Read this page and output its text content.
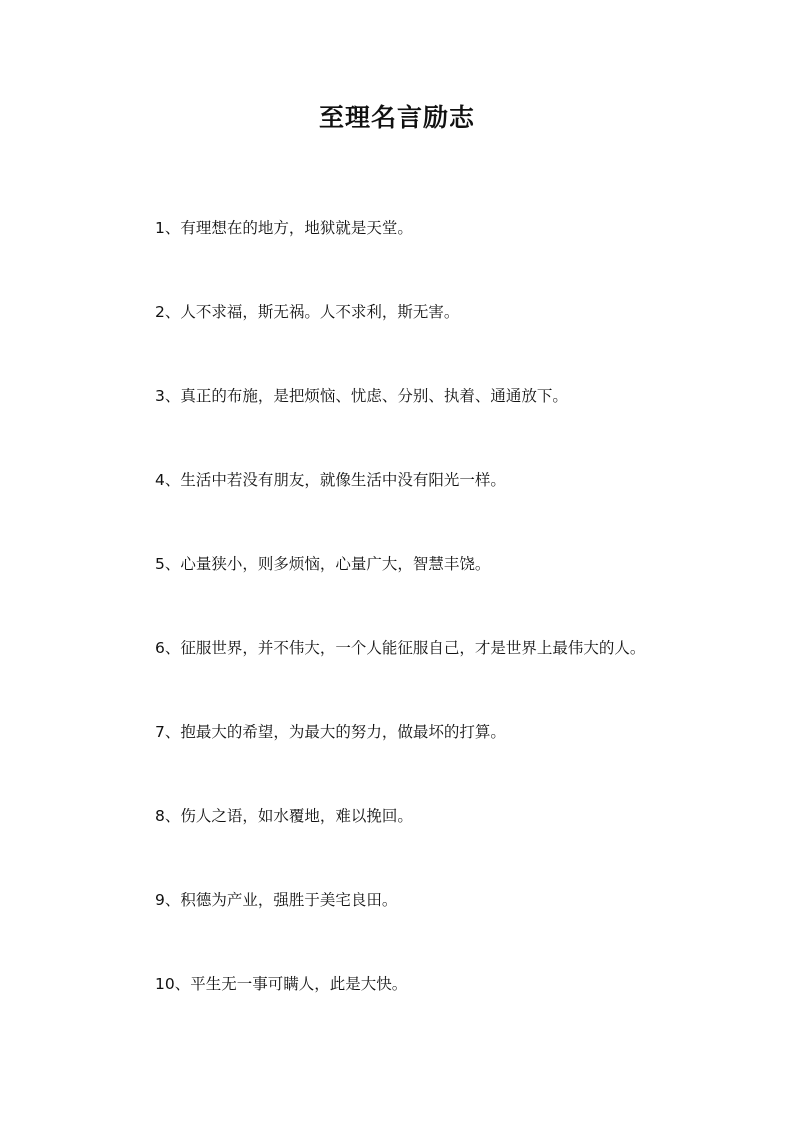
至理名言励志
1、有理想在的地方，地狱就是天堂。
2、人不求福，斯无祸。人不求利，斯无害。
3、真正的布施，是把烦恼、忧虑、分别、执着、通通放下。
4、生活中若没有朋友，就像生活中没有阳光一样。
5、心量狭小，则多烦恼，心量广大，智慧丰饶。
6、征服世界，并不伟大，一个人能征服自己，才是世界上最伟大的人。
7、抱最大的希望，为最大的努力，做最坏的打算。
8、伤人之语，如水覆地，难以挽回。
9、积德为产业，强胜于美宅良田。
10、平生无一事可瞒人，此是大快。
